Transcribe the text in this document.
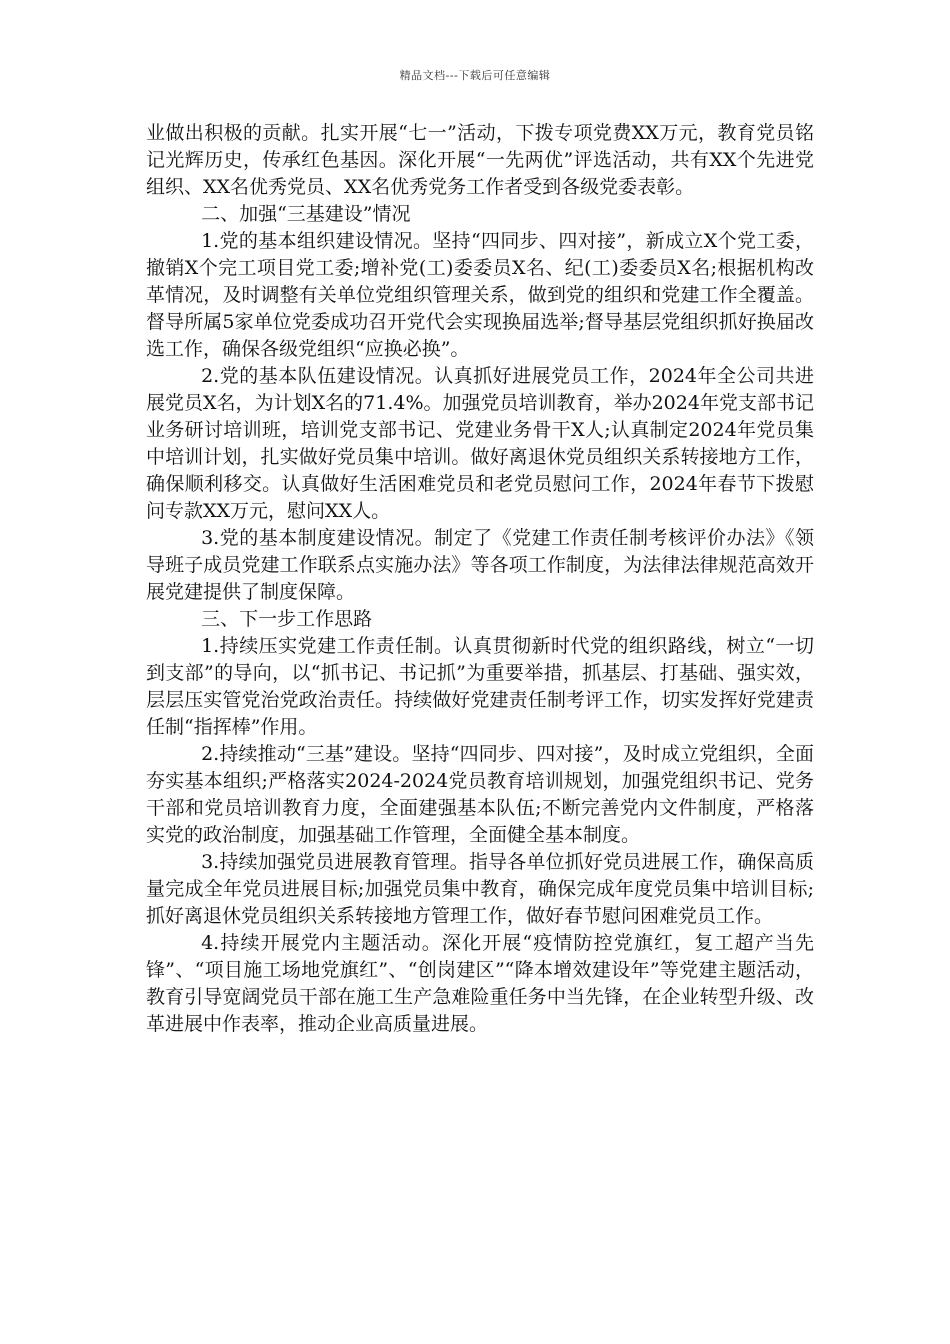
精品文档---下载后可任意编辑

业做出积极的贡献。扎实开展“七一”活动，下拨专项党费XX万元，教育党员铭记光辉历史，传承红色基因。深化开展“一先两优”评选活动，共有XX个先进党组织、XX名优秀党员、XX名优秀党务工作者受到各级党委表彰。

二、加强“三基建设”情况

1.党的基本组织建设情况。坚持“四同步、四对接”，新成立X个党工委，撤销X个完工项目党工委;增补党(工)委委员X名、纪(工)委委员X名;根据机构改革情况，及时调整有关单位党组织管理关系，做到党的组织和党建工作全覆盖。督导所属5家单位党委成功召开党代会实现换届选举;督导基层党组织抓好换届改选工作，确保各级党组织“应换必换”。

2.党的基本队伍建设情况。认真抓好进展党员工作，2024年全公司共进展党员X名，为计划X名的71.4%。加强党员培训教育，举办2024年党支部书记业务研讨培训班，培训党支部书记、党建业务骨干X人;认真制定2024年党员集中培训计划，扎实做好党员集中培训。做好离退休党员组织关系转接地方工作，确保顺利移交。认真做好生活困难党员和老党员慰问工作，2024年春节下拨慰问专款XX万元，慰问XX人。

3.党的基本制度建设情况。制定了《党建工作责任制考核评价办法》《领导班子成员党建工作联系点实施办法》等各项工作制度，为法律法律规范高效开展党建提供了制度保障。

三、下一步工作思路

1.持续压实党建工作责任制。认真贯彻新时代党的组织路线，树立“一切到支部”的导向，以“抓书记、书记抓”为重要举措，抓基层、打基础、强实效，层层压实管党治党政治责任。持续做好党建责任制考评工作，切实发挥好党建责任制“指挥棒”作用。

2.持续推动“三基”建设。坚持“四同步、四对接”，及时成立党组织，全面夯实基本组织;严格落实2024-2024党员教育培训规划，加强党组织书记、党务干部和党员培训教育力度，全面建强基本队伍;不断完善党内文件制度，严格落实党的政治制度，加强基础工作管理，全面健全基本制度。

3.持续加强党员进展教育管理。指导各单位抓好党员进展工作，确保高质量完成全年党员进展目标;加强党员集中教育，确保完成年度党员集中培训目标;抓好离退休党员组织关系转接地方管理工作，做好春节慰问困难党员工作。

4.持续开展党内主题活动。深化开展“疫情防控党旗红，复工超产当先锋”、“项目施工场地党旗红”、“创岗建区”“降本增效建设年”等党建主题活动，教育引导宽阔党员干部在施工生产急难险重任务中当先锋，在企业转型升级、改革进展中作表率，推动企业高质量进展。
